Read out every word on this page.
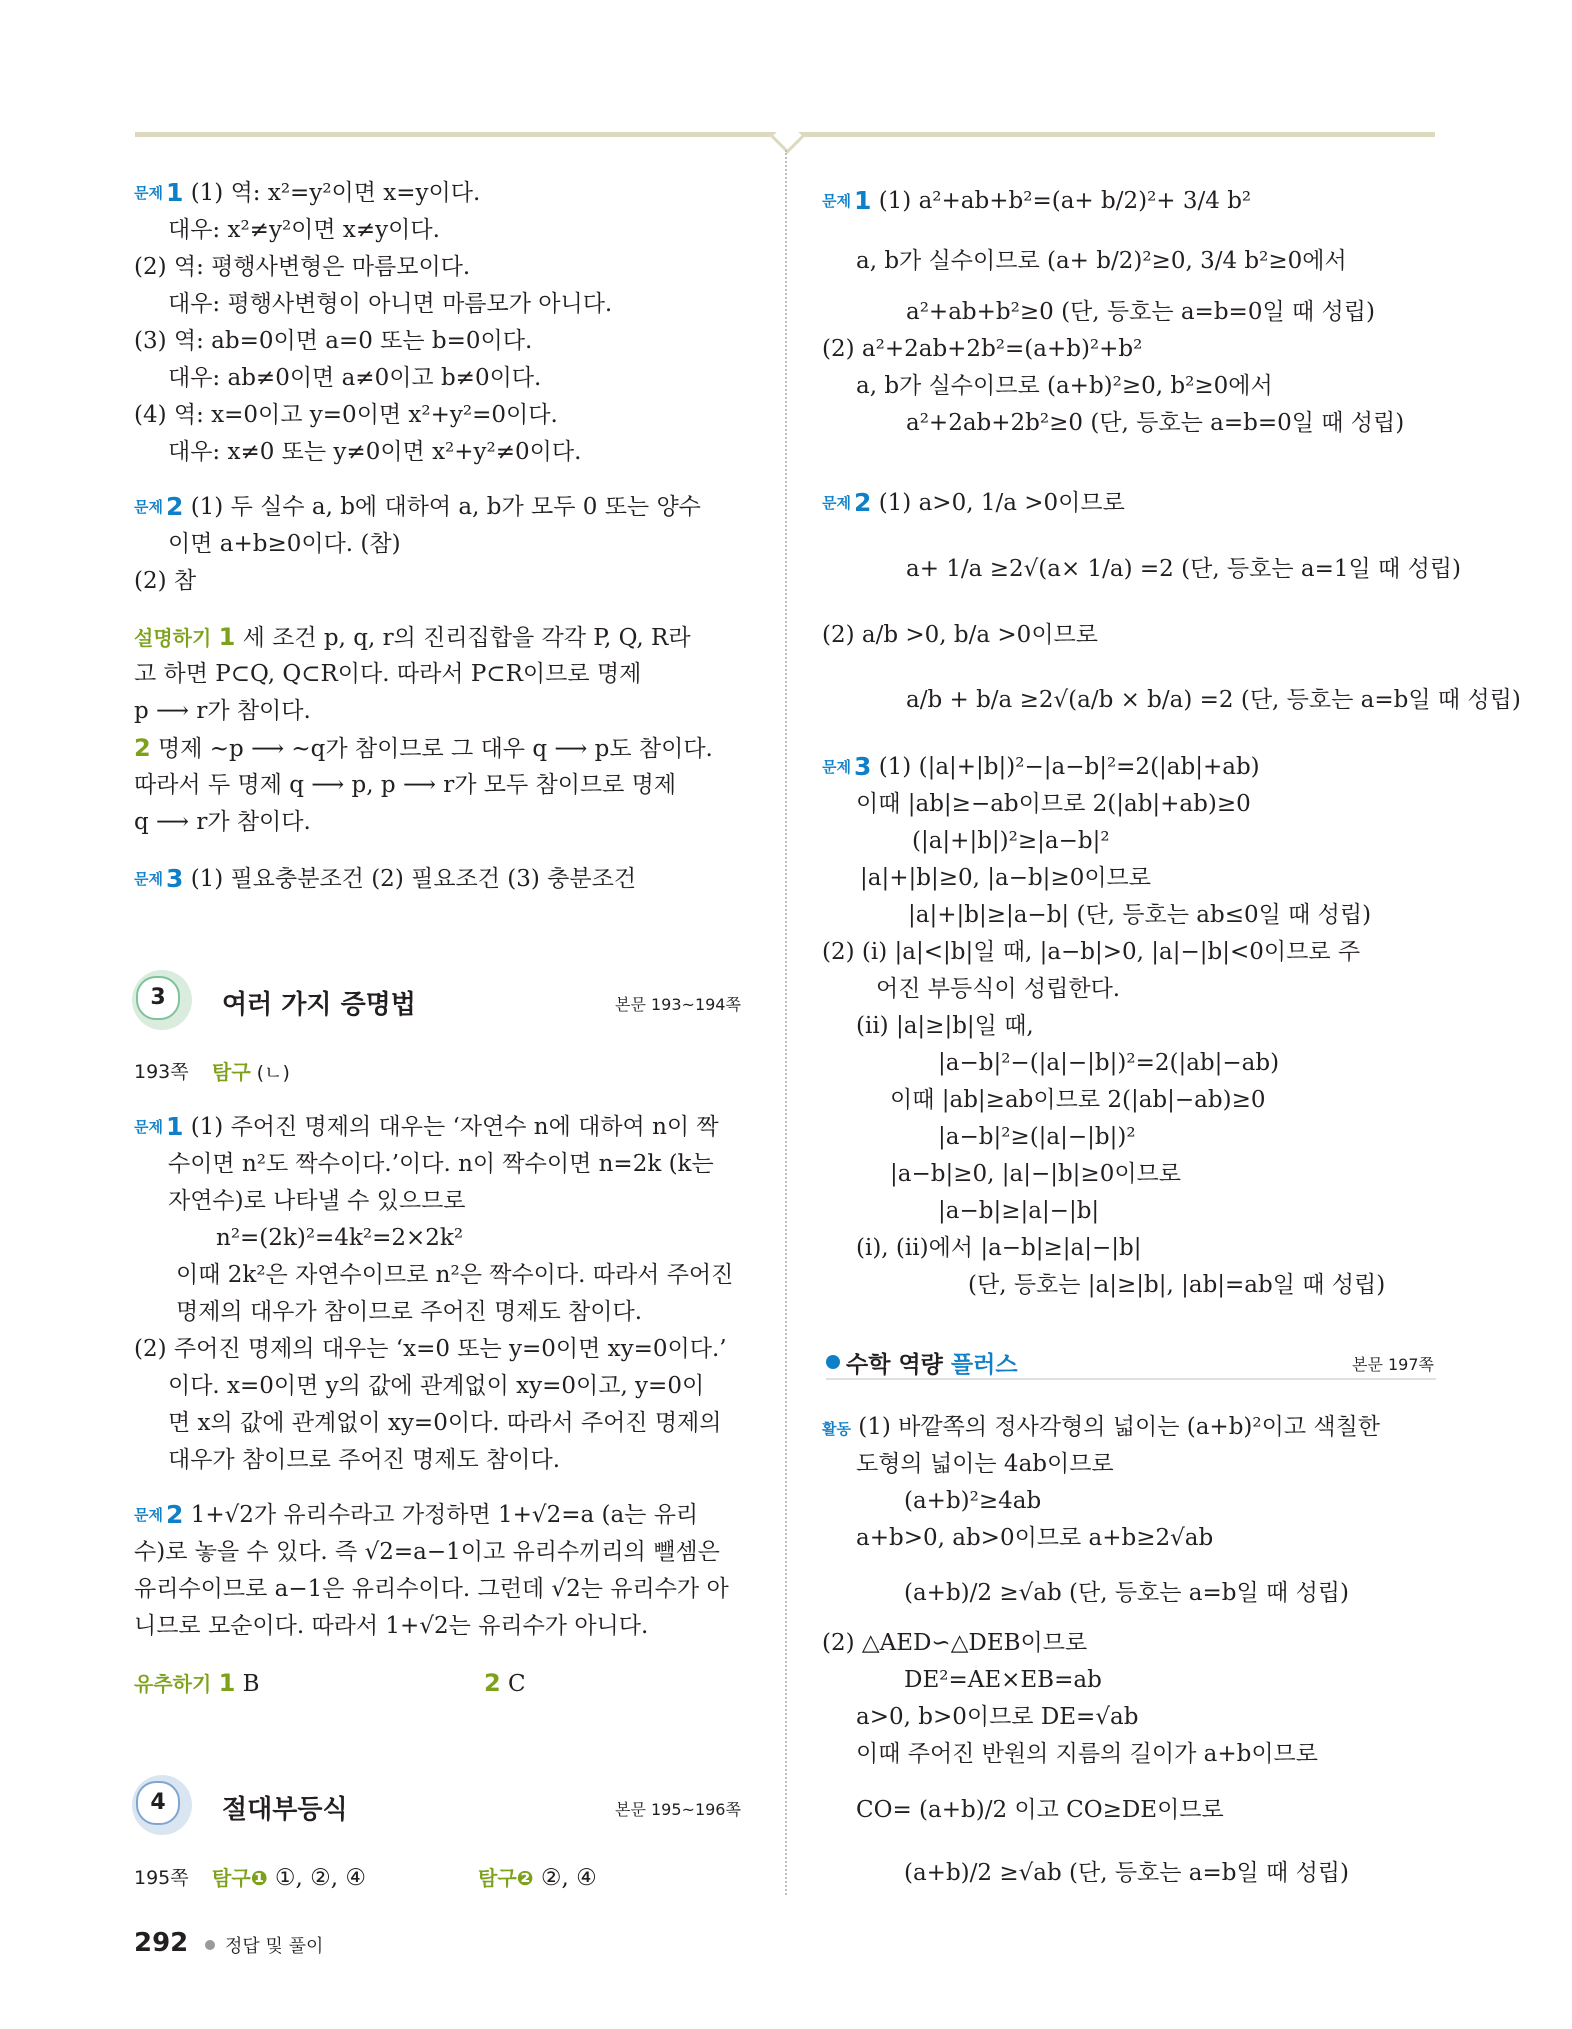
문제 1 (1) 역: x²=y²이면 x=y이다.
대우: x²≠y²이면 x≠y이다.
(2) 역: 평행사변형은 마름모이다.
대우: 평행사변형이 아니면 마름모가 아니다.
(3) 역: ab=0이면 a=0 또는 b=0이다.
대우: ab≠0이면 a≠0이고 b≠0이다.
(4) 역: x=0이고 y=0이면 x²+y²=0이다.
대우: x≠0 또는 y≠0이면 x²+y²≠0이다.
문제 2 (1) 두 실수 a, b에 대하여 a, b가 모두 0 또는 양수
이면 a+b≥0이다. (참)
(2) 참
설명하기 1 세 조건 p, q, r의 진리집합을 각각 P, Q, R라
고 하면 P⊂Q, Q⊂R이다. 따라서 P⊂R이므로 명제
p ⟶ r가 참이다.
2 명제 ~p ⟶ ~q가 참이므로 그 대우 q ⟶ p도 참이다.
따라서 두 명제 q ⟶ p, p ⟶ r가 모두 참이므로 명제
q ⟶ r가 참이다.
문제 3 (1) 필요충분조건 (2) 필요조건 (3) 충분조건
3	여러 가지 증명법	본문 193~194쪽
193쪽 탐구 (ㄴ)
문제 1 (1) 주어진 명제의 대우는 ‘자연수 n에 대하여 n이 짝
수이면 n²도 짝수이다.’이다. n이 짝수이면 n=2k (k는
자연수)로 나타낼 수 있으므로
n²=(2k)²=4k²=2×2k²
이때 2k²은 자연수이므로 n²은 짝수이다. 따라서 주어진
명제의 대우가 참이므로 주어진 명제도 참이다.
(2) 주어진 명제의 대우는 ‘x=0 또는 y=0이면 xy=0이다.’
이다. x=0이면 y의 값에 관계없이 xy=0이고, y=0이
면 x의 값에 관계없이 xy=0이다. 따라서 주어진 명제의
대우가 참이므로 주어진 명제도 참이다.
문제 2 1+√2가 유리수라고 가정하면 1+√2=a (a는 유리
수)로 놓을 수 있다. 즉 √2=a−1이고 유리수끼리의 뺄셈은
유리수이므로 a−1은 유리수이다. 그런데 √2는 유리수가 아
니므로 모순이다. 따라서 1+√2는 유리수가 아니다.
유추하기 1 B	2 C
4	절대부등식	본문 195~196쪽
195쪽 탐구❶ ①, ②, ④	탐구❷ ②, ④
문제 1 (1) a²+ab+b²=(a+ b/2)²+ 3/4 b²
a, b가 실수이므로 (a+ b/2)²≥0, 3/4 b²≥0에서
a²+ab+b²≥0 (단, 등호는 a=b=0일 때 성립)
(2) a²+2ab+2b²=(a+b)²+b²
a, b가 실수이므로 (a+b)²≥0, b²≥0에서
a²+2ab+2b²≥0 (단, 등호는 a=b=0일 때 성립)
문제 2 (1) a>0, 1/a >0이므로
a+ 1/a ≥2√(a× 1/a) =2 (단, 등호는 a=1일 때 성립)
(2) a/b >0, b/a >0이므로
a/b + b/a ≥2√(a/b × b/a) =2 (단, 등호는 a=b일 때 성립)
문제 3 (1) (|a|+|b|)²−|a−b|²=2(|ab|+ab)
이때 |ab|≥−ab이므로 2(|ab|+ab)≥0
(|a|+|b|)²≥|a−b|²
|a|+|b|≥0, |a−b|≥0이므로
|a|+|b|≥|a−b| (단, 등호는 ab≤0일 때 성립)
(2) (i) |a|<|b|일 때, |a−b|>0, |a|−|b|<0이므로 주
어진 부등식이 성립한다.
(ii) |a|≥|b|일 때,
|a−b|²−(|a|−|b|)²=2(|ab|−ab)
이때 |ab|≥ab이므로 2(|ab|−ab)≥0
|a−b|²≥(|a|−|b|)²
|a−b|≥0, |a|−|b|≥0이므로
|a−b|≥|a|−|b|
(i), (ii)에서 |a−b|≥|a|−|b|
(단, 등호는 |a|≥|b|, |ab|=ab일 때 성립)
수학 역량 플러스	본문 197쪽
활동 (1) 바깥쪽의 정사각형의 넓이는 (a+b)²이고 색칠한
도형의 넓이는 4ab이므로
(a+b)²≥4ab
a+b>0, ab>0이므로 a+b≥2√ab
(a+b)/2 ≥√ab (단, 등호는 a=b일 때 성립)
(2) △AED∽△DEB이므로
DE²=AE×EB=ab
a>0, b>0이므로 DE=√ab
이때 주어진 반원의 지름의 길이가 a+b이므로
CO= (a+b)/2 이고 CO≥DE이므로
(a+b)/2 ≥√ab (단, 등호는 a=b일 때 성립)
292 정답 및 풀이
